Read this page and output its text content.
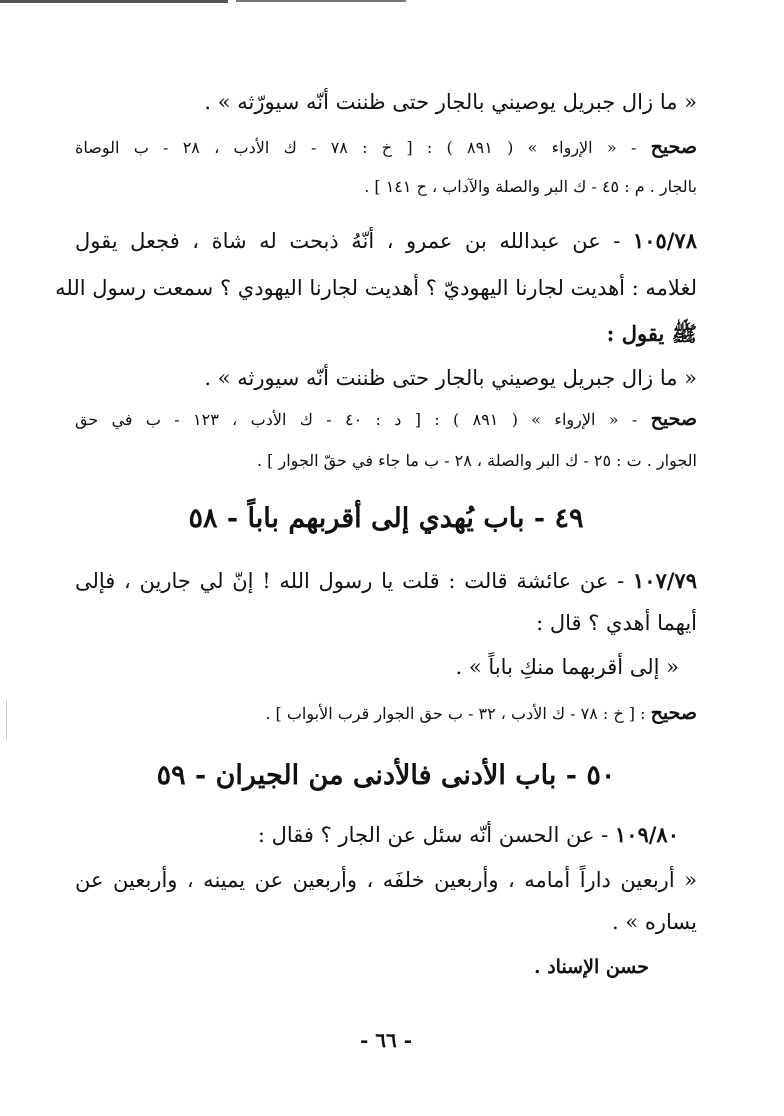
« ما زال جبريل يوصيني بالجار حتى ظننت أنّه سيورّثه » .
صحيح - « الإرواء » ( ٨٩١ ) : [ خ : ٧٨ - ك الأدب ، ٢٨ - ب الوصاة
بالجار . م : ٤٥ - ك البر والصلة والآداب ، ح ١٤١ ] .
١٠٥/٧٨ - عن عبدالله بن عمرو ، أنّهُ ذبحت له شاة ، فجعل يقول
لغلامه : أهديت لجارنا اليهوديّ ؟ أهديت لجارنا اليهودي ؟ سمعت رسول الله
ﷺ يقول :
« ما زال جبريل يوصيني بالجار حتى ظننت أنّه سيورثه » .
صحيح - « الإرواء » ( ٨٩١ ) : [ د : ٤٠ - ك الأدب ، ١٢٣ - ب في حق
الجوار . ت : ٢٥ - ك البر والصلة ، ٢٨ - ب ما جاء في حقّ الجوار ] .
٤٩ - باب يُهدي إلى أقربهم باباً - ٥٨
١٠٧/٧٩ - عن عائشة قالت : قلت يا رسول الله ! إنّ لي جارين ، فإلى
أيهما أهدي ؟ قال :
« إلى أقربهما منكِ باباً » .
صحيح : [ خ : ٧٨ - ك الأدب ، ٣٢ - ب حق الجوار قرب الأبواب ] .
٥٠ - باب الأدنى فالأدنى من الجيران - ٥٩
١٠٩/٨٠ - عن الحسن أنّه سئل عن الجار ؟ فقال :
« أربعين داراً أمامه ، وأربعين خلفَه ، وأربعين عن يمينه ، وأربعين عن
يساره » .
حسن الإسناد .
- ٦٦ -
